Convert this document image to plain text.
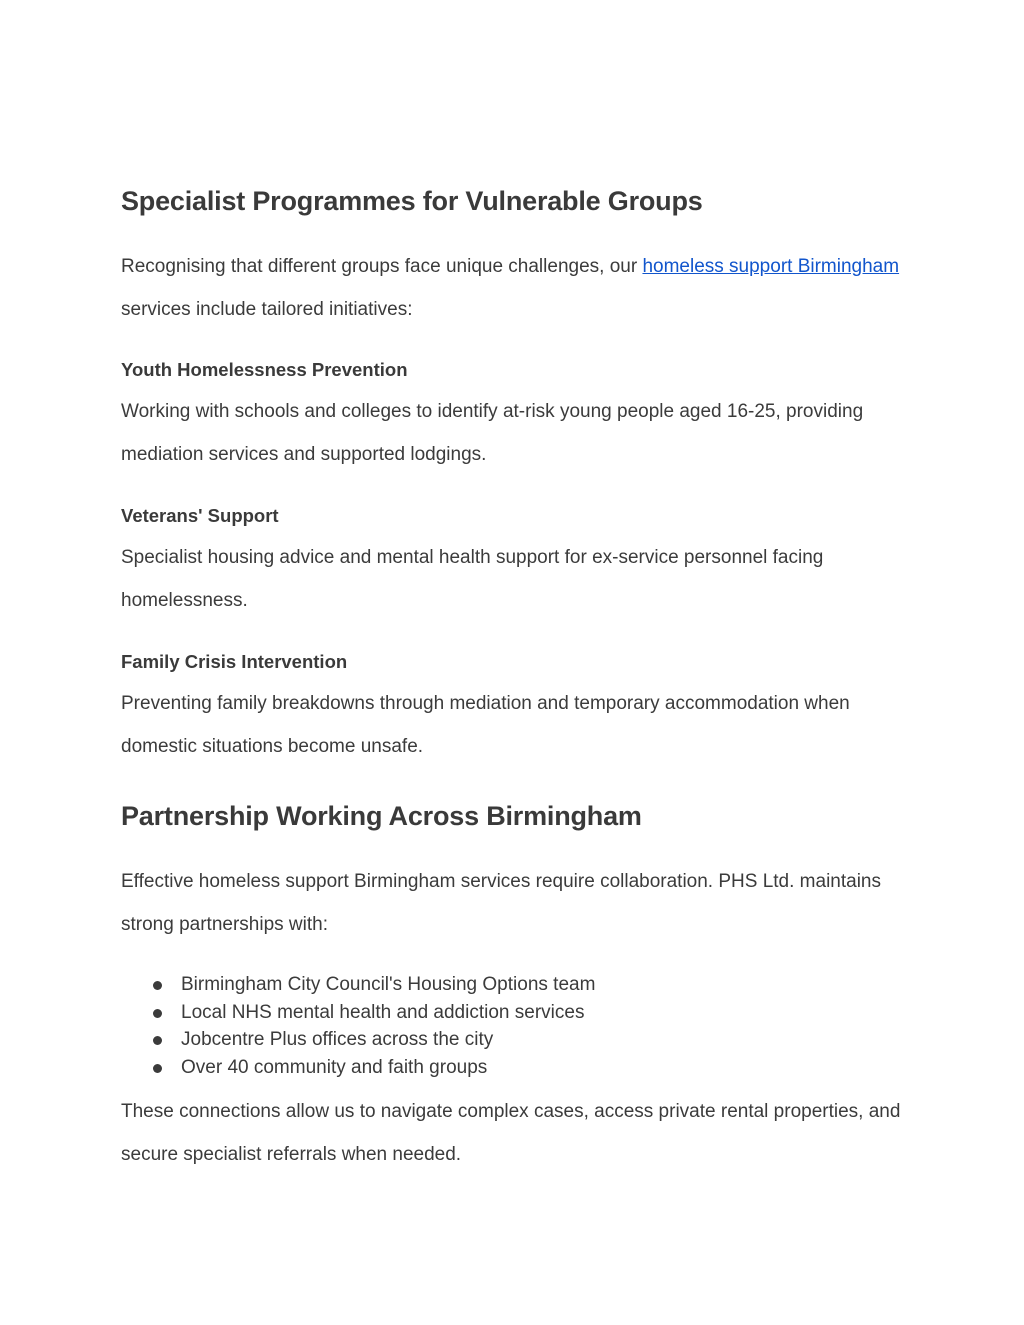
Specialist Programmes for Vulnerable Groups

Recognising that different groups face unique challenges, our homeless support Birmingham services include tailored initiatives:

Youth Homelessness Prevention

Working with schools and colleges to identify at-risk young people aged 16-25, providing mediation services and supported lodgings.

Veterans' Support

Specialist housing advice and mental health support for ex-service personnel facing homelessness.

Family Crisis Intervention

Preventing family breakdowns through mediation and temporary accommodation when domestic situations become unsafe.

Partnership Working Across Birmingham

Effective homeless support Birmingham services require collaboration. PHS Ltd. maintains strong partnerships with:

Birmingham City Council's Housing Options team
Local NHS mental health and addiction services
Jobcentre Plus offices across the city
Over 40 community and faith groups

These connections allow us to navigate complex cases, access private rental properties, and secure specialist referrals when needed.
